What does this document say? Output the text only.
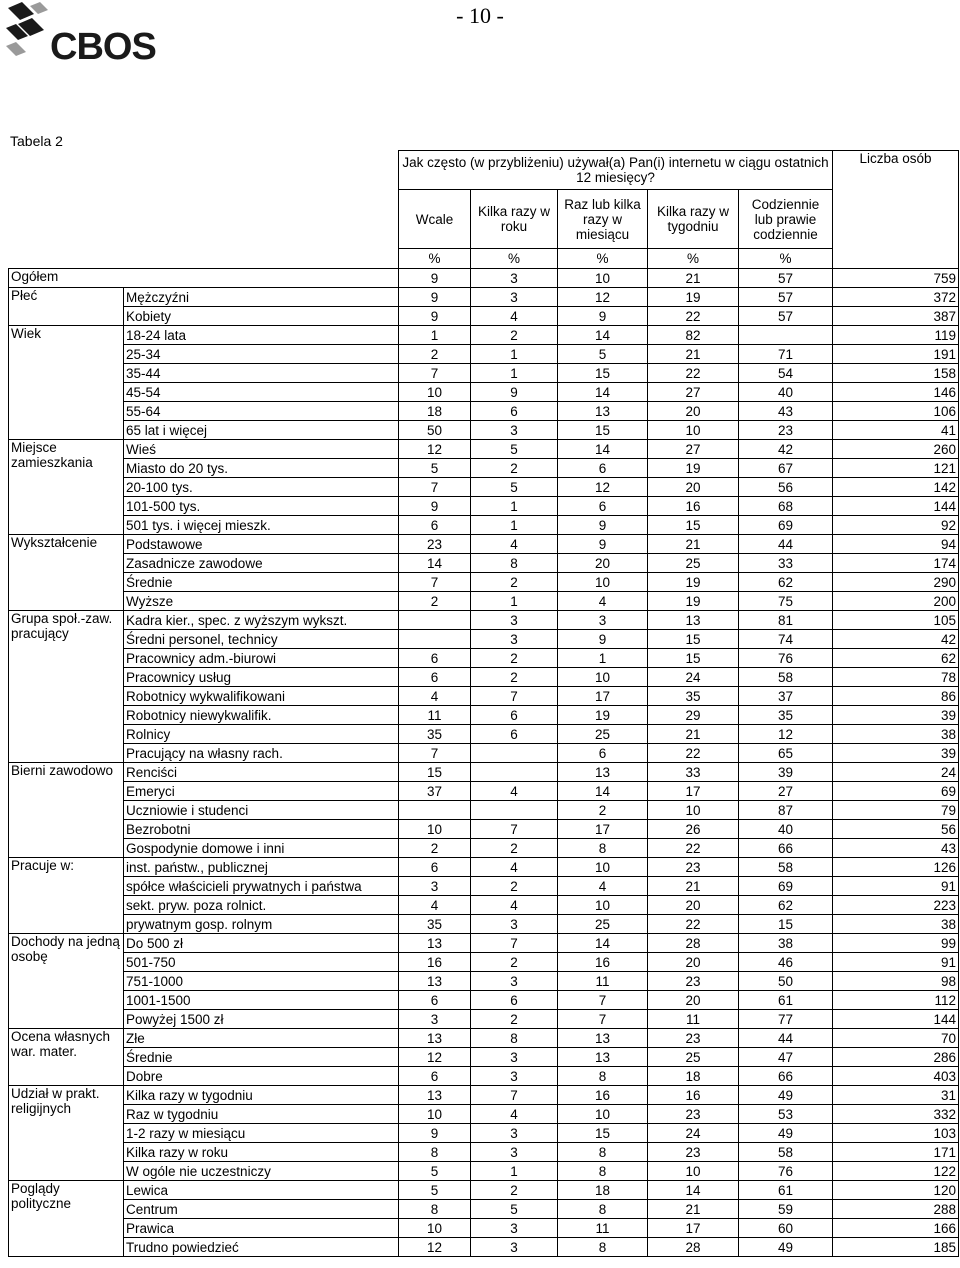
- 10 -
CBOS
Tabela 2
		Jak często (w przybliżeniu) używał(a) Pan(i) internetu w ciągu ostatnich 12 miesięcy?					Liczba osób
		Wcale	Kilka razy w roku	Raz lub kilka razy w miesiącu	Kilka razy w tygodniu	Codziennie lub prawie codziennie	
		%	%	%	%	%	
Ogółem		9	3	10	21	57	759
Płeć	Mężczyźni	9	3	12	19	57	372
	Kobiety	9	4	9	22	57	387
Wiek	18-24 lata	1	2	14	82		119
	25-34	2	1	5	21	71	191
	35-44	7	1	15	22	54	158
	45-54	10	9	14	27	40	146
	55-64	18	6	13	20	43	106
	65 lat i więcej	50	3	15	10	23	41
Miejsce zamieszkania	Wieś	12	5	14	27	42	260
	Miasto do 20 tys.	5	2	6	19	67	121
	20-100 tys.	7	5	12	20	56	142
	101-500 tys.	9	1	6	16	68	144
	501 tys. i więcej mieszk.	6	1	9	15	69	92
Wykształcenie	Podstawowe	23	4	9	21	44	94
	Zasadnicze zawodowe	14	8	20	25	33	174
	Średnie	7	2	10	19	62	290
	Wyższe	2	1	4	19	75	200
Grupa społ.-zaw. pracujący	Kadra kier., spec. z wyższym wykszt.		3	3	13	81	105
	Średni personel, technicy		3	9	15	74	42
	Pracownicy adm.-biurowi	6	2	1	15	76	62
	Pracownicy usług	6	2	10	24	58	78
	Robotnicy wykwalifikowani	4	7	17	35	37	86
	Robotnicy niewykwalifik.	11	6	19	29	35	39
	Rolnicy	35	6	25	21	12	38
	Pracujący na własny rach.	7		6	22	65	39
Bierni zawodowo	Renciści	15		13	33	39	24
	Emeryci	37	4	14	17	27	69
	Uczniowie i studenci			2	10	87	79
	Bezrobotni	10	7	17	26	40	56
	Gospodynie domowe i inni	2	2	8	22	66	43
Pracuje w:	inst. państw., publicznej	6	4	10	23	58	126
	spółce właścicieli prywatnych i państwa	3	2	4	21	69	91
	sekt. pryw. poza rolnict.	4	4	10	20	62	223
	prywatnym gosp. rolnym	35	3	25	22	15	38
Dochody na jedną osobę	Do 500 zł	13	7	14	28	38	99
	501-750	16	2	16	20	46	91
	751-1000	13	3	11	23	50	98
	1001-1500	6	6	7	20	61	112
	Powyżej 1500 zł	3	2	7	11	77	144
Ocena własnych war. mater.	Złe	13	8	13	23	44	70
	Średnie	12	3	13	25	47	286
	Dobre	6	3	8	18	66	403
Udział w prakt. religijnych	Kilka razy w tygodniu	13	7	16	16	49	31
	Raz w tygodniu	10	4	10	23	53	332
	1-2 razy w miesiącu	9	3	15	24	49	103
	Kilka razy w roku	8	3	8	23	58	171
	W ogóle nie uczestniczy	5	1	8	10	76	122
Poglądy polityczne	Lewica	5	2	18	14	61	120
	Centrum	8	5	8	21	59	288
	Prawica	10	3	11	17	60	166
	Trudno powiedzieć	12	3	8	28	49	185
